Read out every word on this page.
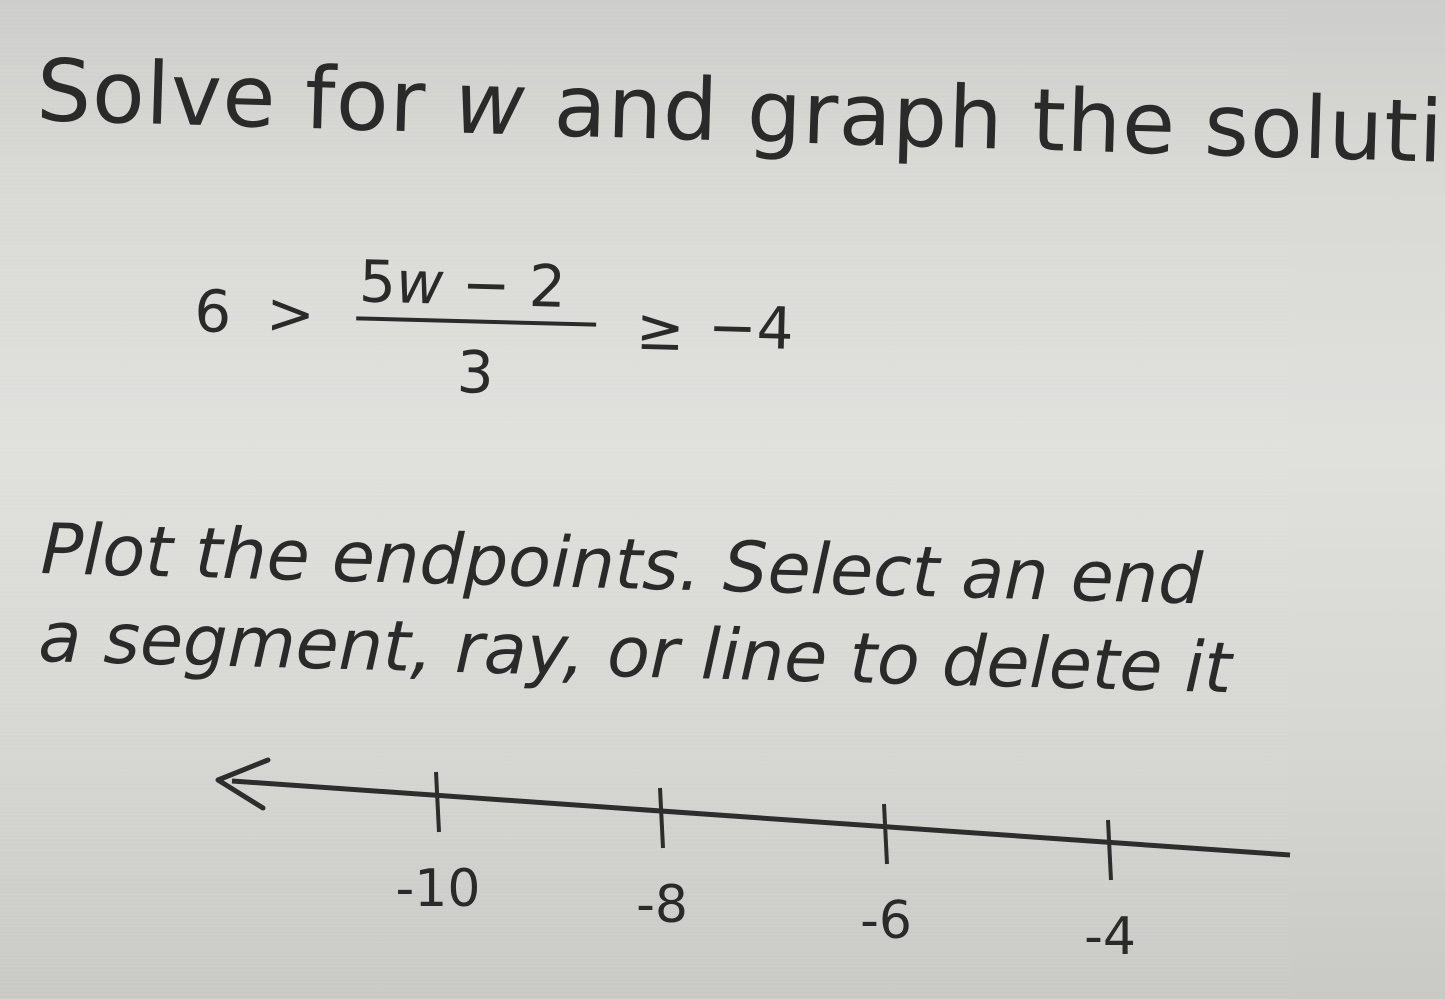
Solve for w and graph the soluti
6 > 5w − 2
3
≥ −4
Plot the endpoints. Select an end
a segment, ray, or line to delete it
-10	-8	-6	-4
